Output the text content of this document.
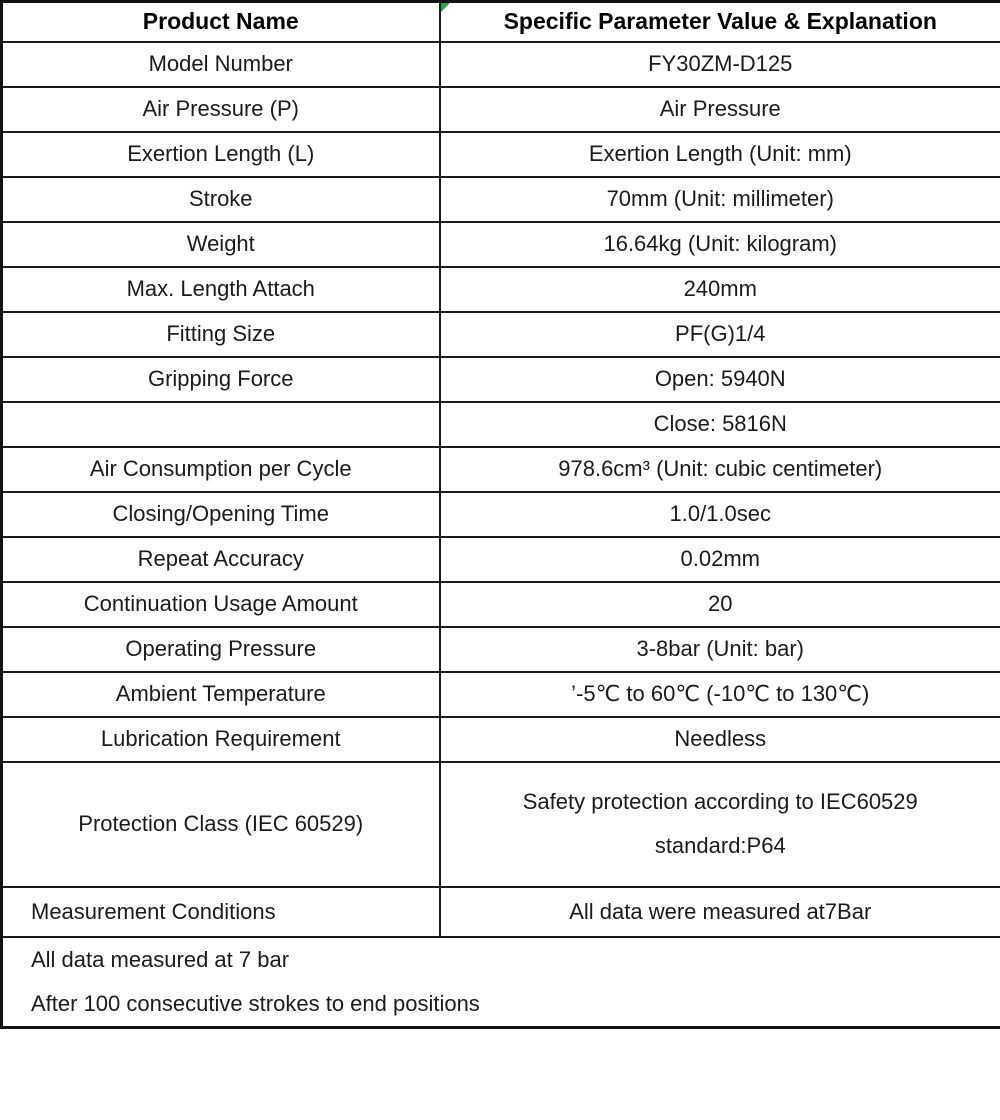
Product Name	Specific Parameter Value & Explanation
Model Number	FY30ZM-D125
Air Pressure (P)	Air Pressure
Exertion Length (L)	Exertion Length (Unit: mm)
Stroke	70mm (Unit: millimeter)
Weight	16.64kg (Unit: kilogram)
Max. Length Attach	240mm
Fitting Size	PF(G)1/4
Gripping Force	Open: 5940N
	Close: 5816N
Air Consumption per Cycle	978.6cm³ (Unit: cubic centimeter)
Closing/Opening Time	1.0/1.0sec
Repeat Accuracy	0.02mm
Continuation Usage Amount	20
Operating Pressure	3-8bar (Unit: bar)
Ambient Temperature	’-5℃ to 60℃ (-10℃ to 130℃)
Lubrication Requirement	Needless
Protection Class (IEC 60529)	Safety protection according to IEC60529
standard:P64

Measurement Conditions	All data were measured at7Bar

All data measured at 7 bar
After 100 consecutive strokes to end positions	
